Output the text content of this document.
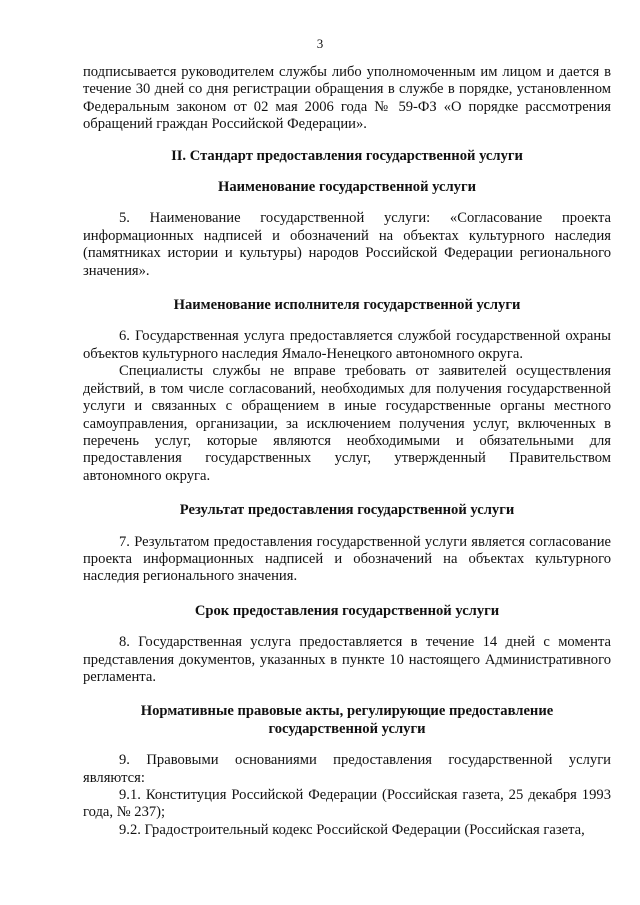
3

подписывается руководителем службы либо уполномоченным им лицом и дается в течение 30 дней со дня регистрации обращения в службе в порядке, установленном Федеральным законом от 02 мая 2006 года № 59-ФЗ «О порядке рассмотрения обращений граждан Российской Федерации».

II. Стандарт предоставления государственной услуги

Наименование государственной услуги

5. Наименование государственной услуги: «Согласование проекта информационных надписей и обозначений на объектах культурного наследия (памятниках истории и культуры) народов Российской Федерации регионального значения».

Наименование исполнителя государственной услуги

6. Государственная услуга предоставляется службой государственной охраны объектов культурного наследия Ямало-Ненецкого автономного округа.

Специалисты службы не вправе требовать от заявителей осуществления действий, в том числе согласований, необходимых для получения государственной услуги и связанных с обращением в иные государственные органы местного самоуправления, организации, за исключением получения услуг, включенных в перечень услуг, которые являются необходимыми и обязательными для предоставления государственных услуг, утвержденный Правительством автономного округа.

Результат предоставления государственной услуги

7. Результатом предоставления государственной услуги является согласование проекта информационных надписей и обозначений на объектах культурного наследия регионального значения.

Срок предоставления государственной услуги

8. Государственная услуга предоставляется в течение 14 дней с момента представления документов, указанных в пункте 10 настоящего Административного регламента.

Нормативные правовые акты, регулирующие предоставление

государственной услуги

9. Правовыми основаниями предоставления государственной услуги являются:

9.1. Конституция Российской Федерации (Российская газета, 25 декабря 1993 года, № 237);

9.2. Градостроительный кодекс Российской Федерации (Российская газета,
